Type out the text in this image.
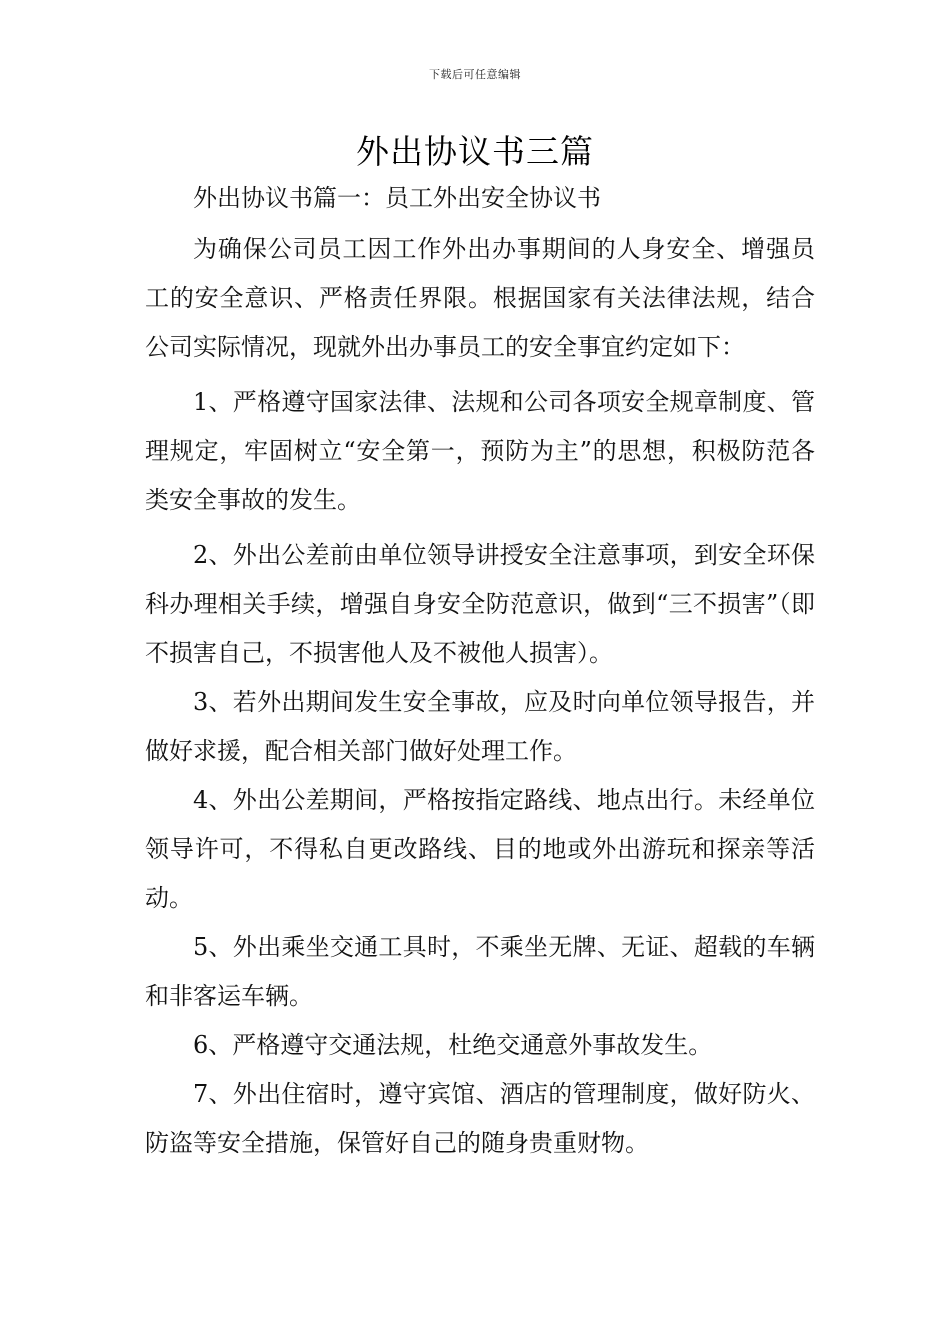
下载后可任意编辑
外出协议书三篇

外出协议书篇一：员工外出安全协议书

为确保公司员工因工作外出办事期间的人身安全、增强员工的安全意识、严格责任界限。根据国家有关法律法规，结合公司实际情况，现就外出办事员工的安全事宜约定如下：

1、严格遵守国家法律、法规和公司各项安全规章制度、管理规定，牢固树立“安全第一，预防为主”的思想，积极防范各类安全事故的发生。

2、外出公差前由单位领导讲授安全注意事项，到安全环保科办理相关手续，增强自身安全防范意识，做到“三不损害”（即不损害自己，不损害他人及不被他人损害）。

3、若外出期间发生安全事故，应及时向单位领导报告，并做好求援，配合相关部门做好处理工作。

4、外出公差期间，严格按指定路线、地点出行。未经单位领导许可，不得私自更改路线、目的地或外出游玩和探亲等活动。

5、外出乘坐交通工具时，不乘坐无牌、无证、超载的车辆和非客运车辆。

6、严格遵守交通法规，杜绝交通意外事故发生。

7、外出住宿时，遵守宾馆、酒店的管理制度，做好防火、防盗等安全措施，保管好自己的随身贵重财物。
